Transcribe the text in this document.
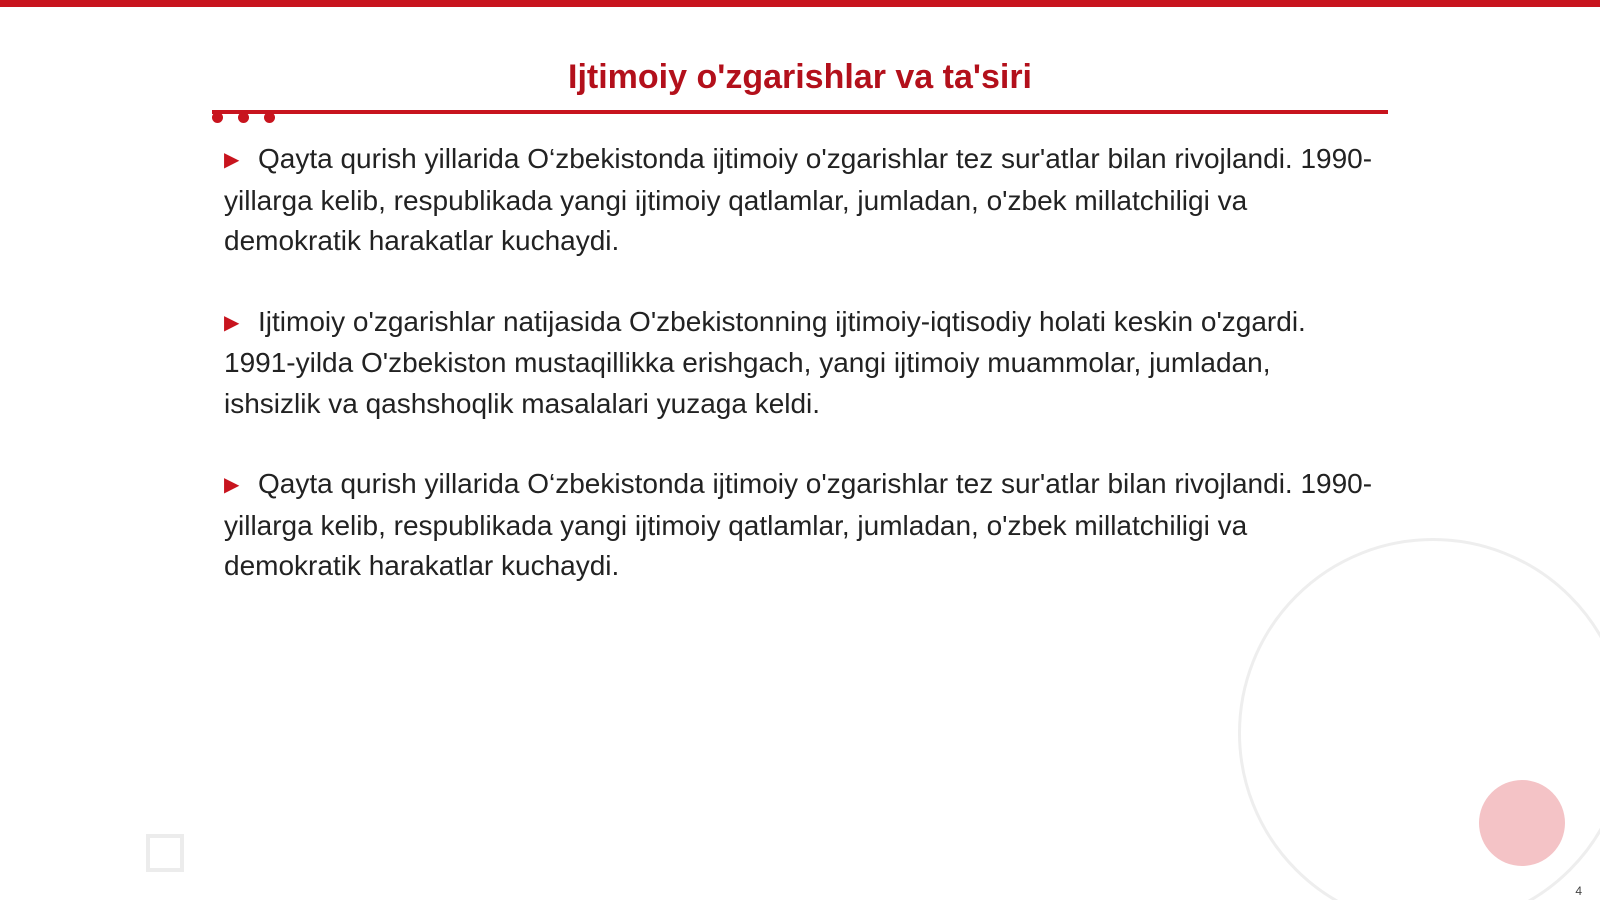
Ijtimoiy o'zgarishlar va ta'siri

▶ Qayta qurish yillarida O‘zbekistonda ijtimoiy o'zgarishlar tez sur'atlar bilan rivojlandi. 1990-yillarga kelib, respublikada yangi ijtimoiy qatlamlar, jumladan, o'zbek millatchiligi va demokratik harakatlar kuchaydi.

▶ Ijtimoiy o'zgarishlar natijasida O'zbekistonning ijtimoiy-iqtisodiy holati keskin o'zgardi. 1991-yilda O'zbekiston mustaqillikka erishgach, yangi ijtimoiy muammolar, jumladan, ishsizlik va qashshoqlik masalalari yuzaga keldi.

▶ Qayta qurish yillarida O‘zbekistonda ijtimoiy o'zgarishlar tez sur'atlar bilan rivojlandi. 1990-yillarga kelib, respublikada yangi ijtimoiy qatlamlar, jumladan, o'zbek millatchiligi va demokratik harakatlar kuchaydi.

4
